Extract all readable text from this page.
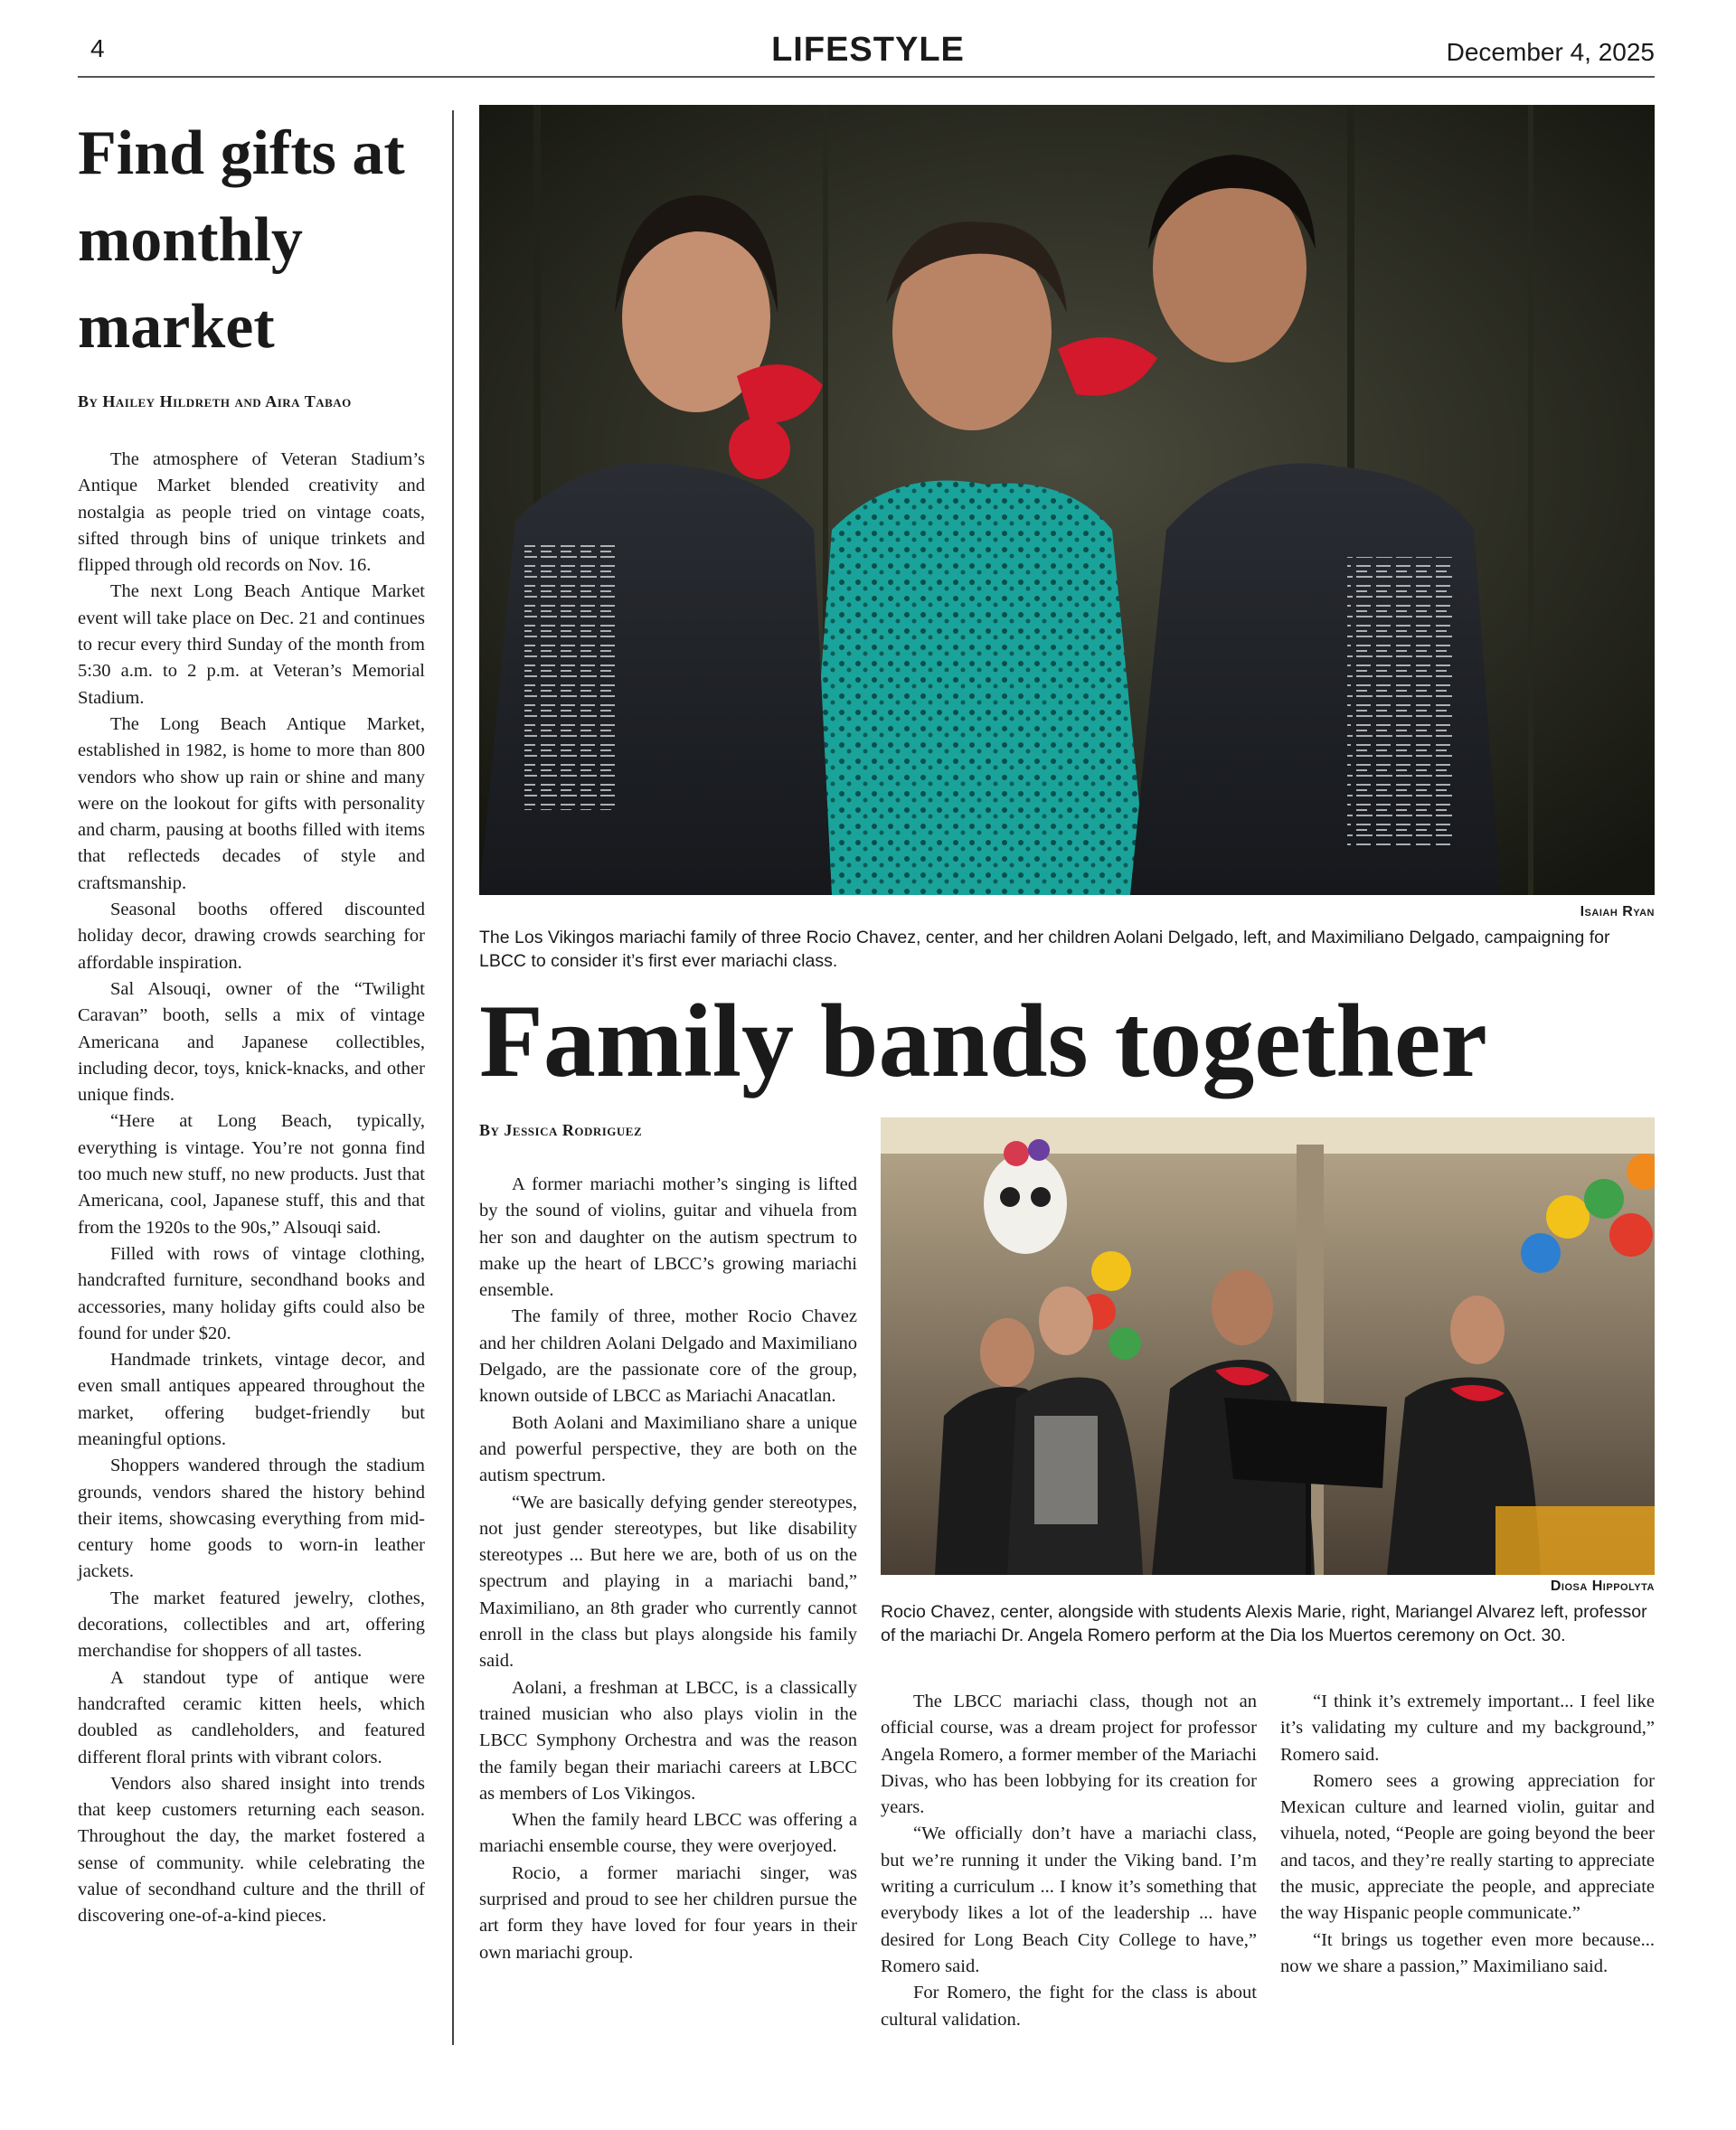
4	LIFESTYLE	December 4, 2025
Find gifts at monthly market
By Hailey Hildreth and Aira Tabao

The atmosphere of Veteran Stadium’s Antique Market blended creativity and nostalgia as people tried on vintage coats, sifted through bins of unique trinkets and flipped through old records on Nov. 16.

The next Long Beach Antique Market event will take place on Dec. 21 and continues to recur every third Sunday of the month from 5:30 a.m. to 2 p.m. at Veteran’s Memorial Stadium.

The Long Beach Antique Market, established in 1982, is home to more than 800 vendors who show up rain or shine and many were on the lookout for gifts with personality and charm, pausing at booths filled with items that reflecteds decades of style and craftsmanship.

Seasonal booths offered discounted holiday decor, drawing crowds searching for affordable inspiration.

Sal Alsouqi, owner of the “Twilight Caravan” booth, sells a mix of vintage Americana and Japanese collectibles, including decor, toys, knick-knacks, and other unique finds.

“Here at Long Beach, typically, everything is vintage. You’re not gonna find too much new stuff, no new products. Just that Americana, cool, Japanese stuff, this and that from the 1920s to the 90s,” Alsouqi said.

Filled with rows of vintage clothing, handcrafted furniture, secondhand books and accessories, many holiday gifts could also be found for under $20.

Handmade trinkets, vintage decor, and even small antiques appeared throughout the market, offering budget-friendly but meaningful options.

Shoppers wandered through the stadium grounds, vendors shared the history behind their items, showcasing everything from mid-century home goods to worn-in leather jackets.

The market featured jewelry, clothes, decorations, collectibles and art, offering merchandise for shoppers of all tastes.

A standout type of antique were handcrafted ceramic kitten heels, which doubled as candleholders, and featured different floral prints with vibrant colors.

Vendors also shared insight into trends that keep customers returning each season. Throughout the day, the market fostered a sense of community. while celebrating the value of secondhand culture and the thrill of discovering one-of-a-kind pieces.

Isaiah Ryan
The Los Vikingos mariachi family of three Rocio Chavez, center, and her children Aolani Delgado, left, and Maximiliano Delgado, campaigning for LBCC to consider it’s first ever mariachi class.
Family bands together
By Jessica Rodriguez

A former mariachi mother’s singing is lifted by the sound of violins, guitar and vihuela from her son and daughter on the autism spectrum to make up the heart of LBCC’s growing mariachi ensemble.

The family of three, mother Rocio Chavez and her children Aolani Delgado and Maximiliano Delgado, are the passionate core of the group, known outside of LBCC as Mariachi Anacatlan.

Both Aolani and Maximiliano share a unique and powerful perspective, they are both on the autism spectrum.

“We are basically defying gender stereotypes, not just gender stereotypes, but like disability stereotypes ... But here we are, both of us on the spectrum and playing in a mariachi band,” Maximiliano, an 8th grader who currently cannot enroll in the class but plays alongside his family said.

Aolani, a freshman at LBCC, is a classically trained musician who also plays violin in the LBCC Symphony Orchestra and was the reason the family began their mariachi careers at LBCC as members of Los Vikingos.

When the family heard LBCC was offering a mariachi ensemble course, they were overjoyed.

Rocio, a former mariachi singer, was surprised and proud to see her children pursue the art form they have loved for four years in their own mariachi group.

Diosa Hippolyta
Rocio Chavez, center, alongside with students Alexis Marie, right, Mariangel Alvarez left, professor of the mariachi Dr. Angela Romero perform at the Dia los Muertos ceremony on Oct. 30.

The LBCC mariachi class, though not an official course, was a dream project for professor Angela Romero, a former member of the Mariachi Divas, who has been lobbying for its creation for years.

“We officially don’t have a mariachi class, but we’re running it under the Viking band. I’m writing a curriculum ... I know it’s something that everybody likes a lot of the leadership ... have desired for Long Beach City College to have,” Romero said.

For Romero, the fight for the class is about cultural validation.

“I think it’s extremely important... I feel like it’s validating my culture and my background,” Romero said.

Romero sees a growing appreciation for Mexican culture and learned violin, guitar and vihuela, noted, “People are going beyond the beer and tacos, and they’re really starting to appreciate the music, appreciate the people, and appreciate the way Hispanic people communicate.”

“It brings us together even more because... now we share a passion,” Maximiliano said.
